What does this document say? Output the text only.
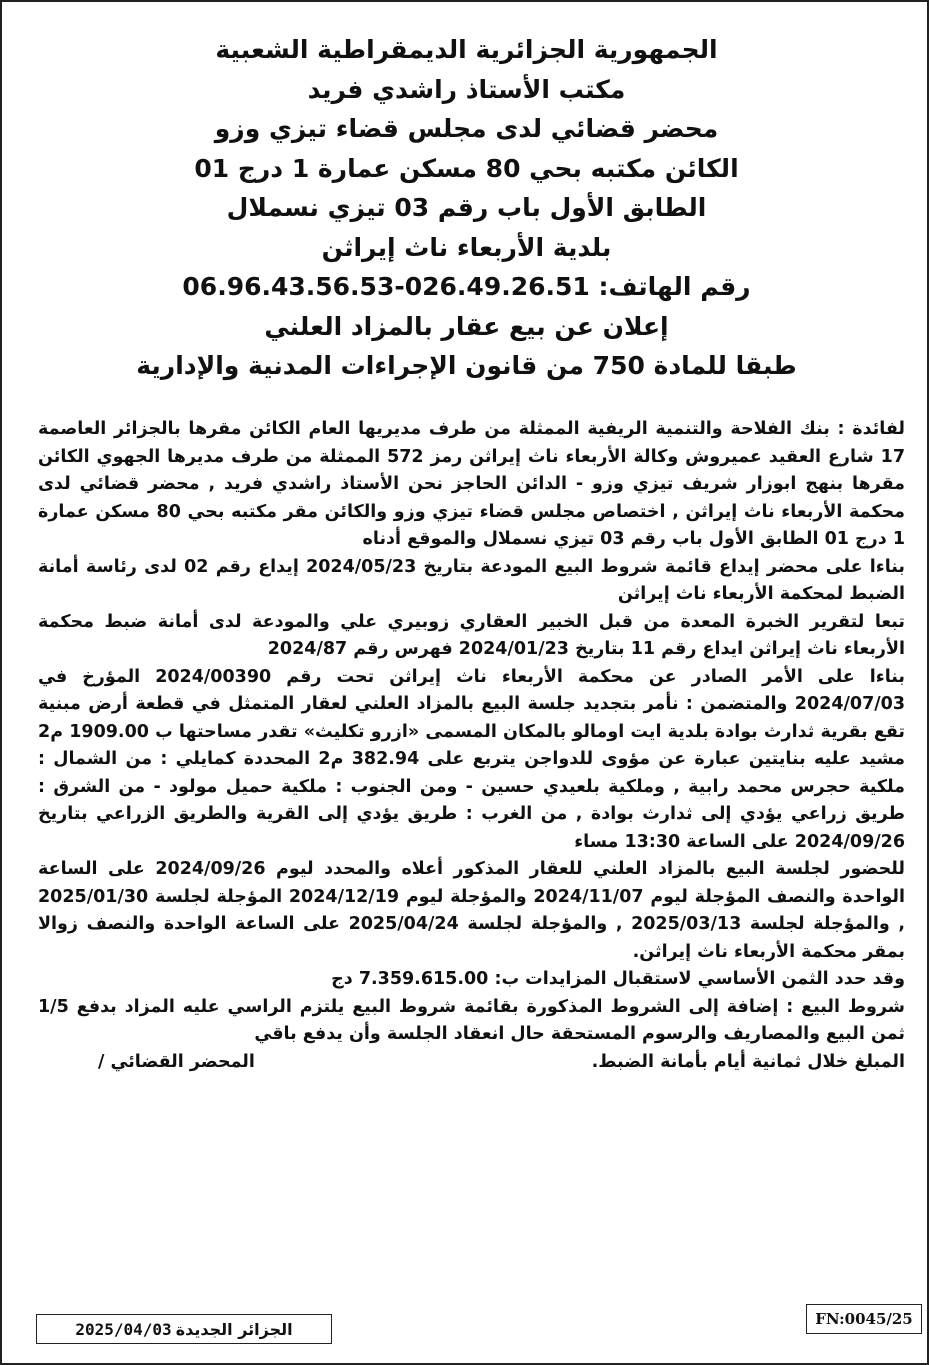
الجمهورية الجزائرية الديمقراطية الشعبية
مكتب الأستاذ راشدي فريد
محضر قضائي لدى مجلس قضاء تيزي وزو
الكائن مكتبه بحي 80 مسكن عمارة 1 درج 01
الطابق الأول باب رقم 03 تيزي نسملال
بلدية الأربعاء ناث إيراثن
رقم الهاتف: 026.49.26.51-06.96.43.56.53
إعلان عن بيع عقار بالمزاد العلني
طبقا للمادة 750 من قانون الإجراءات المدنية والإدارية

لفائدة : بنك الفلاحة والتنمية الريفية الممثلة من طرف مديريها العام الكائن مقرها بالجزائر العاصمة 17 شارع العقيد عميروش وكالة الأربعاء ناث إيراثن رمز 572 الممثلة من طرف مديرها الجهوي الكائن مقرها بنهج ابوزار شريف تيزي وزو - الدائن الحاجز نحن الأستاذ راشدي فريد , محضر قضائي لدى محكمة الأربعاء ناث إيراثن , اختصاص مجلس قضاء تيزي وزو والكائن مقر مكتبه بحي 80 مسكن عمارة 1 درج 01 الطابق الأول باب رقم 03 تيزي نسملال والموقع أدناه

بناءا على محضر إيداع قائمة شروط البيع المودعة بتاريخ 2024/05/23 إيداع رقم 02 لدى رئاسة أمانة الضبط لمحكمة الأربعاء ناث إيراثن

تبعا لتقرير الخبرة المعدة من قبل الخبير العقاري زوبيري علي والمودعة لدى أمانة ضبط محكمة الأربعاء ناث إيراثن ايداع رقم 11 بتاريخ 2024/01/23 فهرس رقم 2024/87

بناءا على الأمر الصادر عن محكمة الأربعاء ناث إيراثن تحت رقم 2024/00390 المؤرخ في 2024/07/03 والمتضمن : نأمر بتجديد جلسة البيع بالمزاد العلني لعقار المتمثل في قطعة أرض مبنية تقع بقرية ثدارث بوادة بلدية ايت اومالو بالمكان المسمى «ازرو تكليث» تقدر مساحتها ب 1909.00 م2 مشيد عليه بنايتين عبارة عن مؤوى للدواجن يتربع على 382.94 م2 المحددة كمايلي : من الشمال : ملكية حجرس محمد رابية , وملكية بلعيدي حسين - ومن الجنوب : ملكية حميل مولود - من الشرق : طريق زراعي يؤدي إلى ثدارث بوادة , من الغرب : طريق يؤدي إلى القرية والطريق الزراعي بتاريخ 2024/09/26 على الساعة 13:30 مساء

للحضور لجلسة البيع بالمزاد العلني للعقار المذكور أعلاه والمحدد ليوم 2024/09/26 على الساعة الواحدة والنصف المؤجلة ليوم 2024/11/07 والمؤجلة ليوم 2024/12/19 المؤجلة لجلسة 2025/01/30 , والمؤجلة لجلسة 2025/03/13 , والمؤجلة لجلسة 2025/04/24 على الساعة الواحدة والنصف زوالا بمقر محكمة الأربعاء ناث إيراثن.

وقد حدد الثمن الأساسي لاستقبال المزايدات ب: 7.359.615.00 دج

شروط البيع : إضافة إلى الشروط المذكورة بقائمة شروط البيع يلتزم الراسي عليه المزاد بدفع 1/5 ثمن البيع والمصاريف والرسوم المستحقة حال انعقاد الجلسة وأن يدفع باقي

المبلغ خلال ثمانية أيام بأمانة الضبط.
المحضر القضائي /
الجزائر الجديدة
2025/04/03
FN:0045/25
